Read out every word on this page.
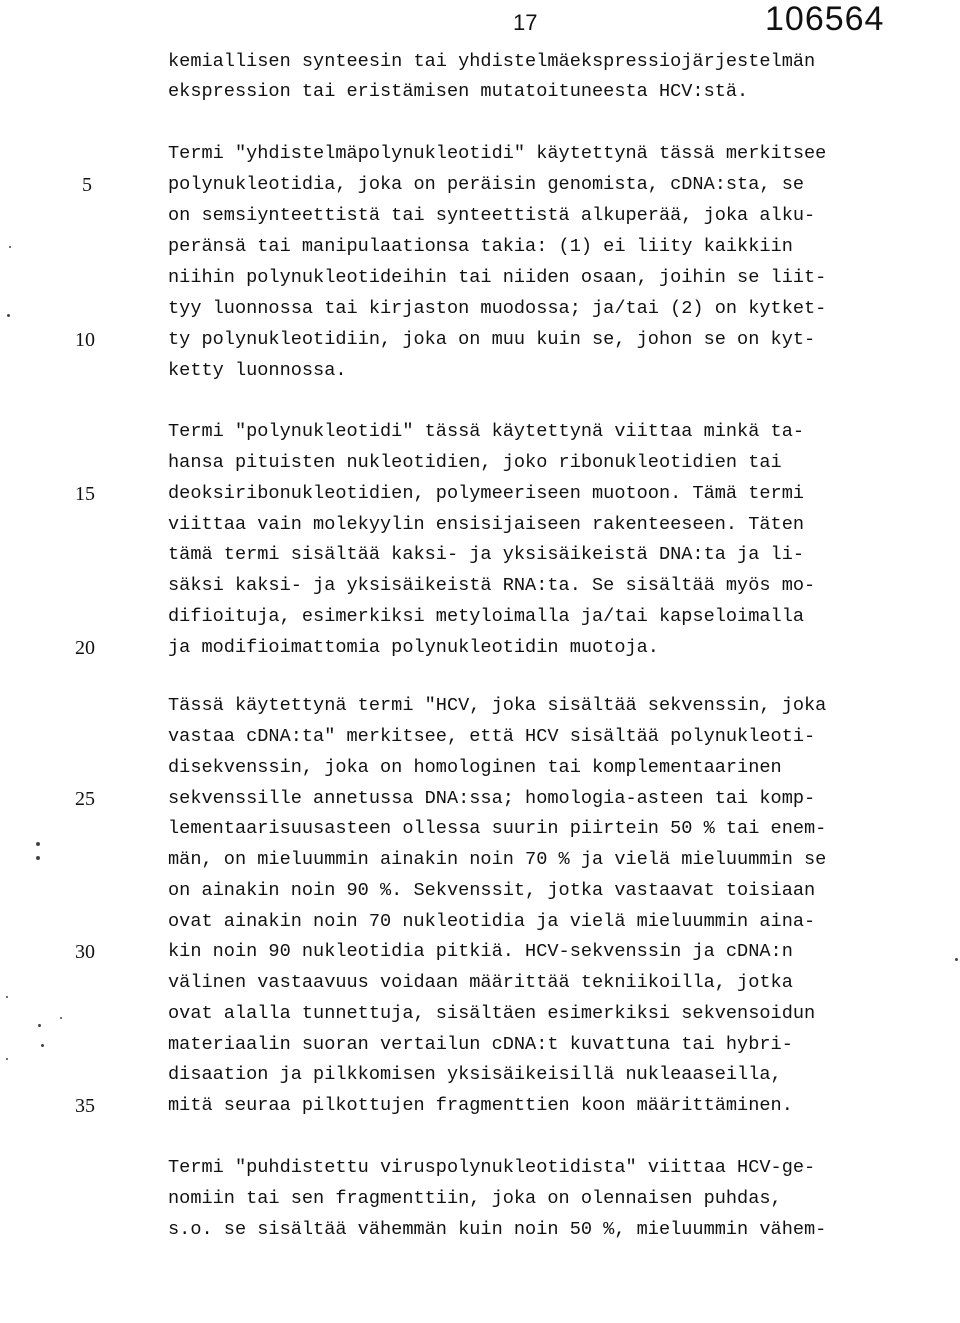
17	106564
kemiallisen synteesin tai yhdistelmäekspressiojärjestelmän
ekspression tai eristämisen mutatoituneesta HCV:stä.
Termi "yhdistelmäpolynukleotidi" käytettynä tässä merkitsee
polynukleotidia, joka on peräisin genomista, cDNA:sta, se
on semsiynteettistä tai synteettistä alkuperää, joka alku-
peränsä tai manipulaationsa takia: (1) ei liity kaikkiin
niihin polynukleotideihin tai niiden osaan, joihin se liit-
tyy luonnossa tai kirjaston muodossa; ja/tai (2) on kytket-
ty polynukleotidiin, joka on muu kuin se, johon se on kyt-
ketty luonnossa.
Termi "polynukleotidi" tässä käytettynä viittaa minkä ta-
hansa pituisten nukleotidien, joko ribonukleotidien tai
deoksiribonukleotidien, polymeeriseen muotoon. Tämä termi
viittaa vain molekyylin ensisijaiseen rakenteeseen. Täten
tämä termi sisältää kaksi- ja yksisäikeistä DNA:ta ja li-
säksi kaksi- ja yksisäikeistä RNA:ta. Se sisältää myös mo-
difioituja, esimerkiksi metyloimalla ja/tai kapseloimalla
ja modifioimattomia polynukleotidin muotoja.
Tässä käytettynä termi "HCV, joka sisältää sekvenssin, joka
vastaa cDNA:ta" merkitsee, että HCV sisältää polynukleoti-
disekvenssin, joka on homologinen tai komplementaarinen
sekvenssille annetussa DNA:ssa; homologia-asteen tai komp-
lementaarisuusasteen ollessa suurin piirtein 50 % tai enem-
män, on mieluummin ainakin noin 70 % ja vielä mieluummin se
on ainakin noin 90 %. Sekvenssit, jotka vastaavat toisiaan
ovat ainakin noin 70 nukleotidia ja vielä mieluummin aina-
kin noin 90 nukleotidia pitkiä. HCV-sekvenssin ja cDNA:n
välinen vastaavuus voidaan määrittää tekniikoilla, jotka
ovat alalla tunnettuja, sisältäen esimerkiksi sekvensoidun
materiaalin suoran vertailun cDNA:t kuvattuna tai hybri-
disaation ja pilkkomisen yksisäikeisillä nukleaaseilla,
mitä seuraa pilkottujen fragmenttien koon määrittäminen.
Termi "puhdistettu viruspolynukleotidista" viittaa HCV-ge-
nomiin tai sen fragmenttiin, joka on olennaisen puhdas,
s.o. se sisältää vähemmän kuin noin 50 %, mieluummin vähem-
5
10
15
20
25
30
35
